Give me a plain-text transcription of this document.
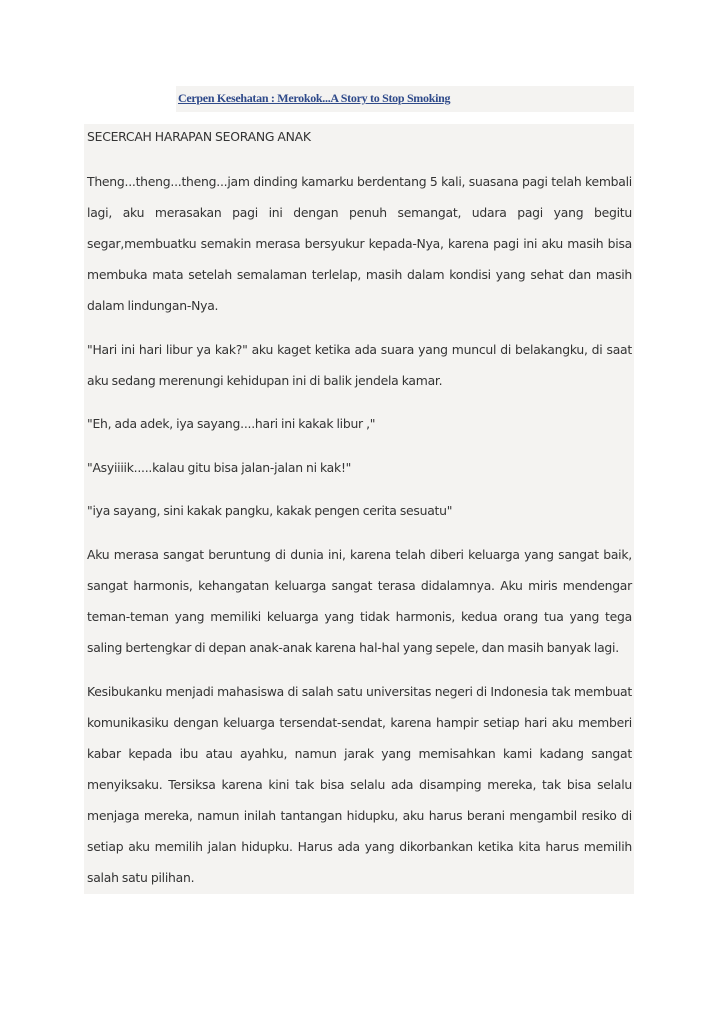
Cerpen Kesehatan : Merokok...A Story to Stop Smoking
SECERCAH HARAPAN SEORANG ANAK
Theng...theng...theng...jam dinding kamarku berdentang 5 kali, suasana pagi telah kembali lagi, aku merasakan pagi ini dengan penuh semangat, udara pagi yang begitu segar,membuatku semakin merasa bersyukur kepada-Nya, karena pagi ini aku masih bisa membuka mata setelah semalaman terlelap, masih dalam kondisi yang sehat dan masih dalam lindungan-Nya.
"Hari ini hari libur ya kak?" aku kaget ketika ada suara yang muncul di belakangku, di saat aku sedang merenungi kehidupan ini di balik jendela kamar.
"Eh, ada adek, iya sayang....hari ini kakak libur ,"
"Asyiiiik.....kalau gitu bisa jalan-jalan ni kak!"
"iya sayang, sini kakak pangku, kakak pengen cerita sesuatu"
Aku merasa sangat beruntung di dunia ini, karena telah diberi keluarga yang sangat baik, sangat harmonis, kehangatan keluarga sangat terasa didalamnya. Aku miris mendengar teman-teman yang memiliki keluarga yang tidak harmonis, kedua orang tua yang tega saling bertengkar di depan anak-anak karena hal-hal yang sepele, dan masih banyak lagi.
Kesibukanku menjadi mahasiswa di salah satu universitas negeri di Indonesia tak membuat komunikasiku dengan keluarga tersendat-sendat, karena hampir setiap hari aku memberi kabar kepada ibu atau ayahku, namun jarak yang memisahkan kami kadang sangat menyiksaku. Tersiksa karena kini tak bisa selalu ada disamping mereka, tak bisa selalu menjaga mereka, namun inilah tantangan hidupku, aku harus berani mengambil resiko di setiap aku memilih jalan hidupku. Harus ada yang dikorbankan ketika kita harus memilih salah satu pilihan.
